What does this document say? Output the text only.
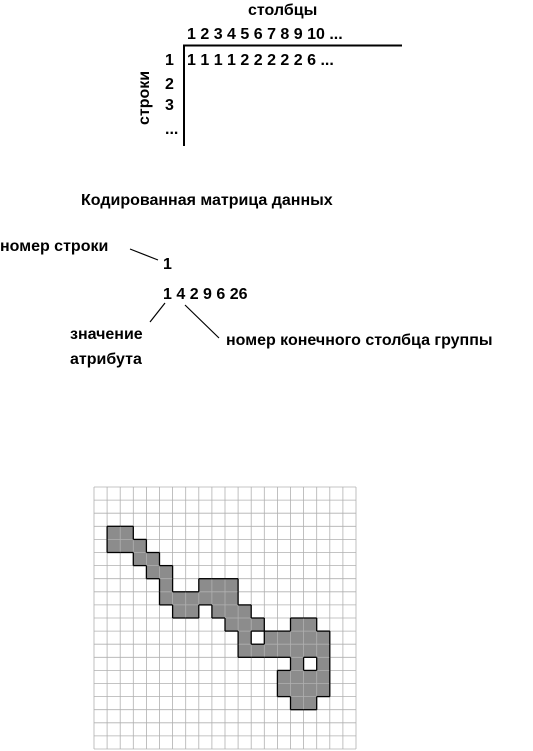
столбцы
1 2 3 4 5 6 7 8 9 10 ...
1 1 1 1 2 2 2 2 2 6 ...
1
2
3
...
строки
Кодированная матрица данных
номер строки
1
1 4 2 9 6 26
значение
атрибута
номер конечного столбца группы
